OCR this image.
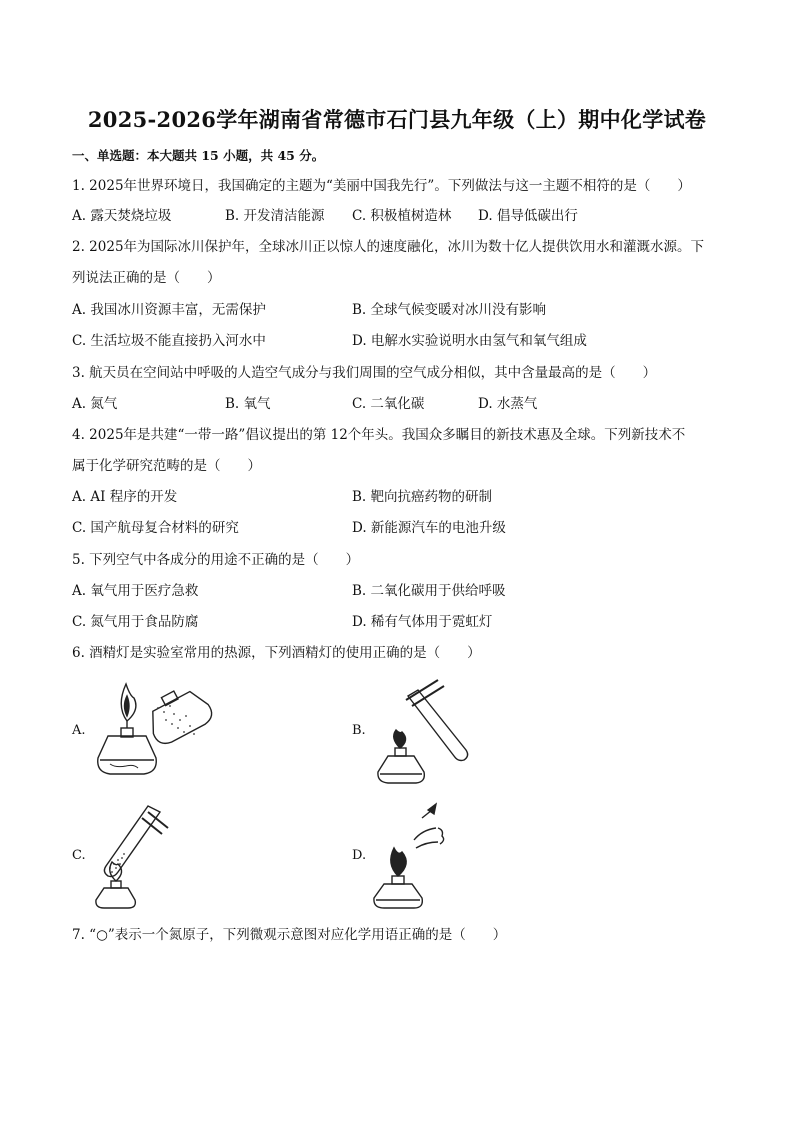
2025-2026学年湖南省常德市石门县九年级（上）期中化学试卷
一、单选题：本大题共 15 小题，共 45 分。
1. 2025年世界环境日，我国确定的主题为“美丽中国我先行”。下列做法与这一主题不相符的是（　　）
A. 露天焚烧垃圾	B. 开发清洁能源 C. 积极植树造林 D. 倡导低碳出行
2. 2025年为国际冰川保护年，全球冰川正以惊人的速度融化，冰川为数十亿人提供饮用水和灌溉水源。下
列说法正确的是（　　）
A. 我国冰川资源丰富，无需保护	B. 全球气候变暖对冰川没有影响
C. 生活垃圾不能直接扔入河水中	D. 电解水实验说明水由氢气和氧气组成
3. 航天员在空间站中呼吸的人造空气成分与我们周围的空气成分相似，其中含量最高的是（　　）
A. 氮气	B. 氧气	C. 二氧化碳	D. 水蒸气
4. 2025年是共建“一带一路”倡议提出的第 12个年头。我国众多瞩目的新技术惠及全球。下列新技术不
属于化学研究范畴的是（　　）
A. AI 程序的开发	B. 靶向抗癌药物的研制
C. 国产航母复合材料的研究	D. 新能源汽车的电池升级
5. 下列空气中各成分的用途不正确的是（　　）
A. 氧气用于医疗急救	B. 二氧化碳用于供给呼吸
C. 氮气用于食品防腐	D. 稀有气体用于霓虹灯
6. 酒精灯是实验室常用的热源，下列酒精灯的使用正确的是（　　）
A.	B.
C.	D.
7. “○”表示一个氮原子，下列微观示意图对应化学用语正确的是（　　）
